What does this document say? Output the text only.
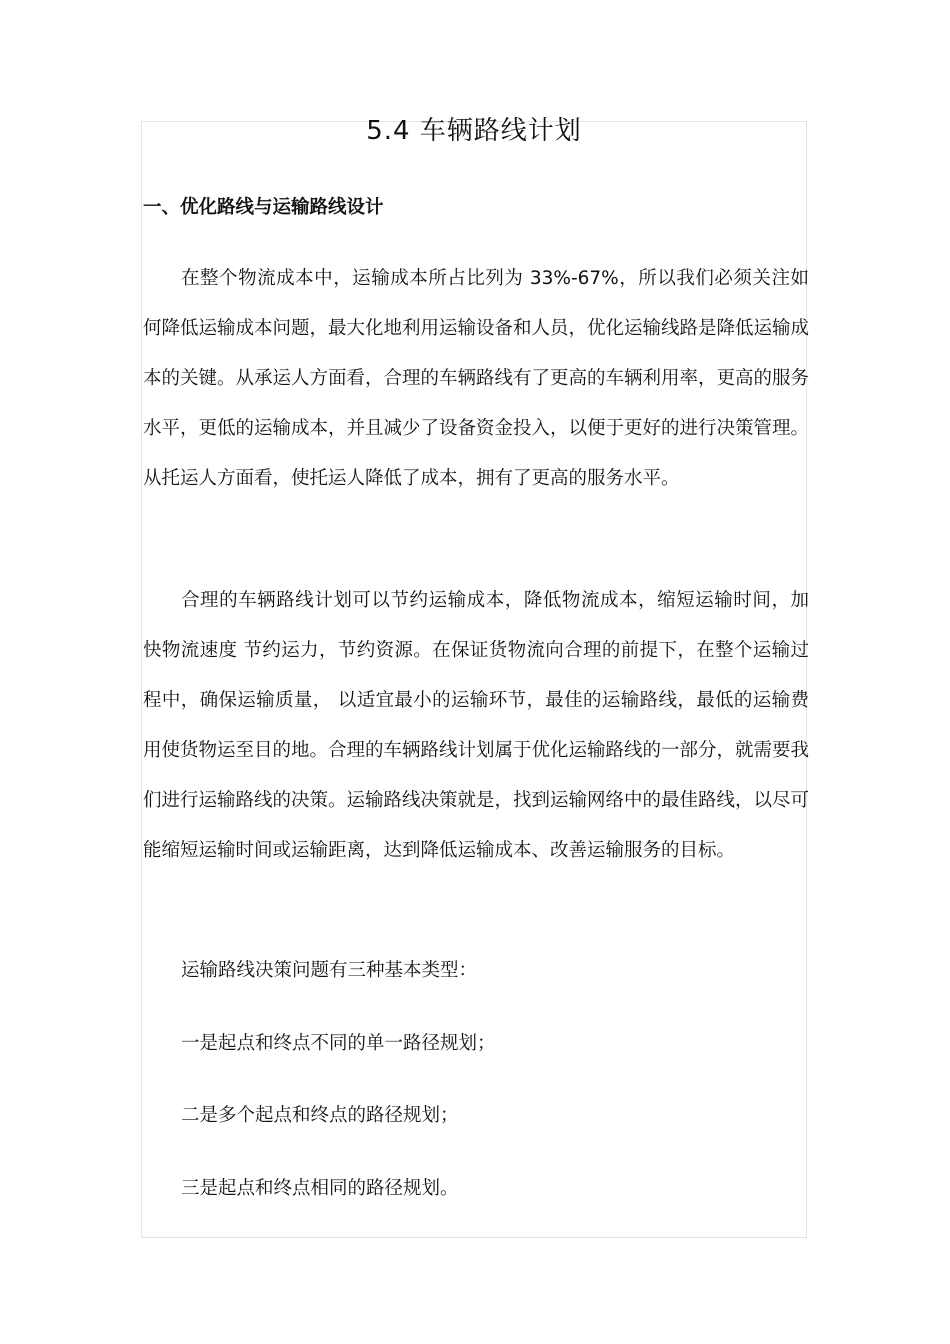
5.4 车辆路线计划
一、优化路线与运输路线设计

在整个物流成本中，运输成本所占比列为 33%-67%，所以我们必须关注如何降低运输成本问题，最大化地利用运输设备和人员，优化运输线路是降低运输成本的关键。从承运人方面看，合理的车辆路线有了更高的车辆利用率，更高的服务水平，更低的运输成本，并且减少了设备资金投入，以便于更好的进行决策管理。从托运人方面看，使托运人降低了成本，拥有了更高的服务水平。

合理的车辆路线计划可以节约运输成本，降低物流成本，缩短运输时间，加快物流速度 节约运力，节约资源。在保证货物流向合理的前提下，在整个运输过程中，确保运输质量， 以适宜最小的运输环节，最佳的运输路线，最低的运输费用使货物运至目的地。合理的车辆路线计划属于优化运输路线的一部分，就需要我们进行运输路线的决策。运输路线决策就是，找到运输网络中的最佳路线，以尽可能缩短运输时间或运输距离，达到降低运输成本、改善运输服务的目标。

运输路线决策问题有三种基本类型：

一是起点和终点不同的单一路径规划；

二是多个起点和终点的路径规划；

三是起点和终点相同的路径规划。
